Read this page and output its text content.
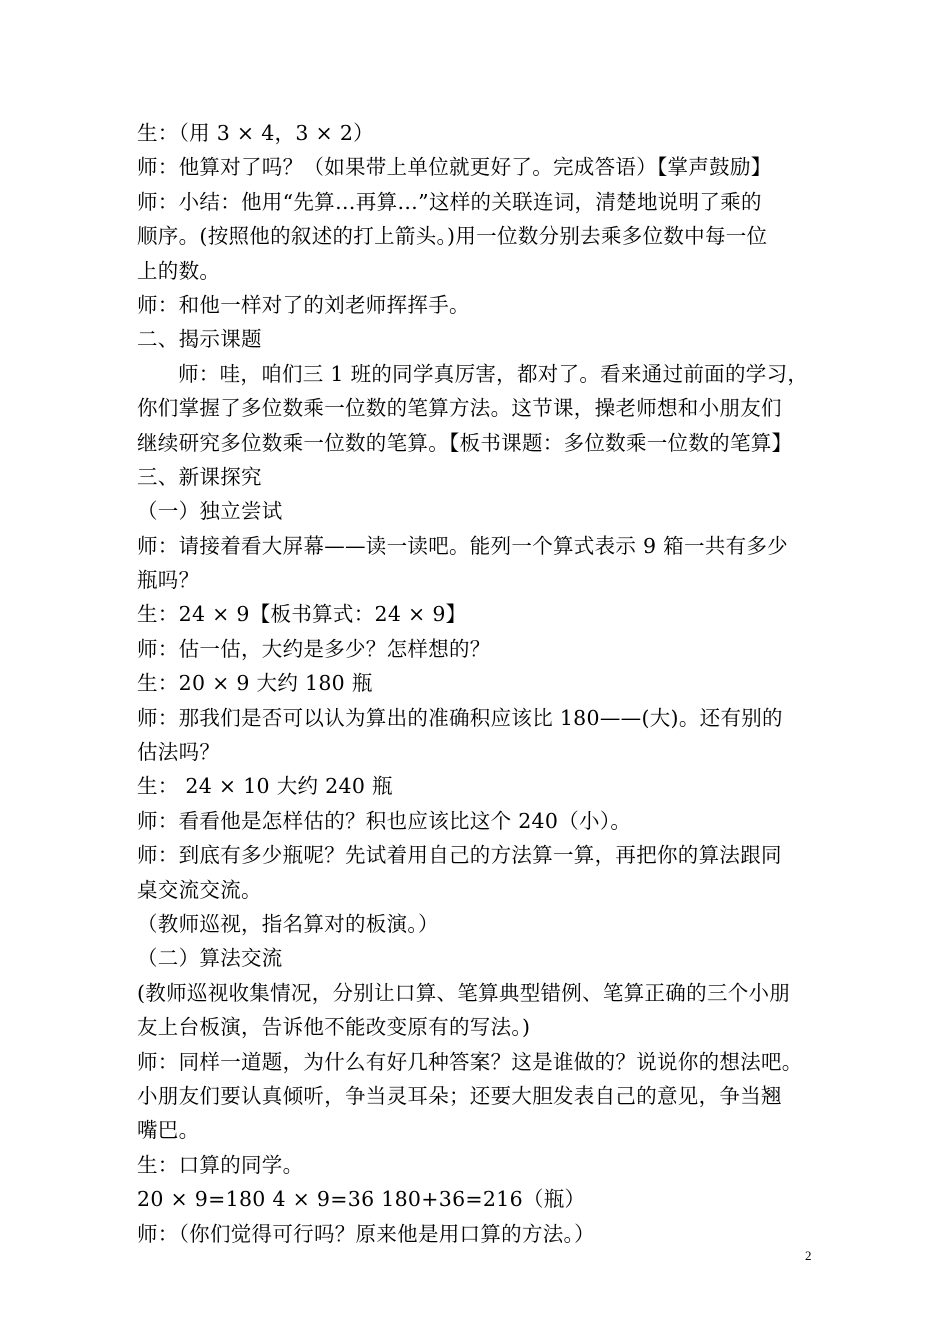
生：（用 3 × 4，3 × 2）
师：他算对了吗？（如果带上单位就更好了。完成答语）【掌声鼓励】
师：小结：他用“先算…再算…”这样的关联连词，清楚地说明了乘的
顺序。(按照他的叙述的打上箭头。)用一位数分别去乘多位数中每一位
上的数。
师：和他一样对了的刘老师挥挥手。
二、揭示课题
师：哇，咱们三 1 班的同学真厉害，都对了。看来通过前面的学习，
你们掌握了多位数乘一位数的笔算方法。这节课，操老师想和小朋友们
继续研究多位数乘一位数的笔算。【板书课题：多位数乘一位数的笔算】
三、新课探究
（一）独立尝试
师：请接着看大屏幕——读一读吧。能列一个算式表示 9 箱一共有多少
瓶吗？
生：24 × 9【板书算式：24 × 9】
师：估一估，大约是多少？怎样想的？
生：20 × 9 大约 180 瓶
师：那我们是否可以认为算出的准确积应该比 180——(大)。还有别的
估法吗？
生： 24 × 10 大约 240 瓶
师：看看他是怎样估的？积也应该比这个 240（小）。
师：到底有多少瓶呢？先试着用自己的方法算一算，再把你的算法跟同
桌交流交流。
（教师巡视，指名算对的板演。）
（二）算法交流
(教师巡视收集情况，分别让口算、笔算典型错例、笔算正确的三个小朋
友上台板演，告诉他不能改变原有的写法。)
师：同样一道题，为什么有好几种答案？这是谁做的？说说你的想法吧。
小朋友们要认真倾听，争当灵耳朵；还要大胆发表自己的意见，争当翘
嘴巴。
生：口算的同学。
20 × 9=180 4 × 9=36 180+36=216（瓶）
师：（你们觉得可行吗？原来他是用口算的方法。）
2
